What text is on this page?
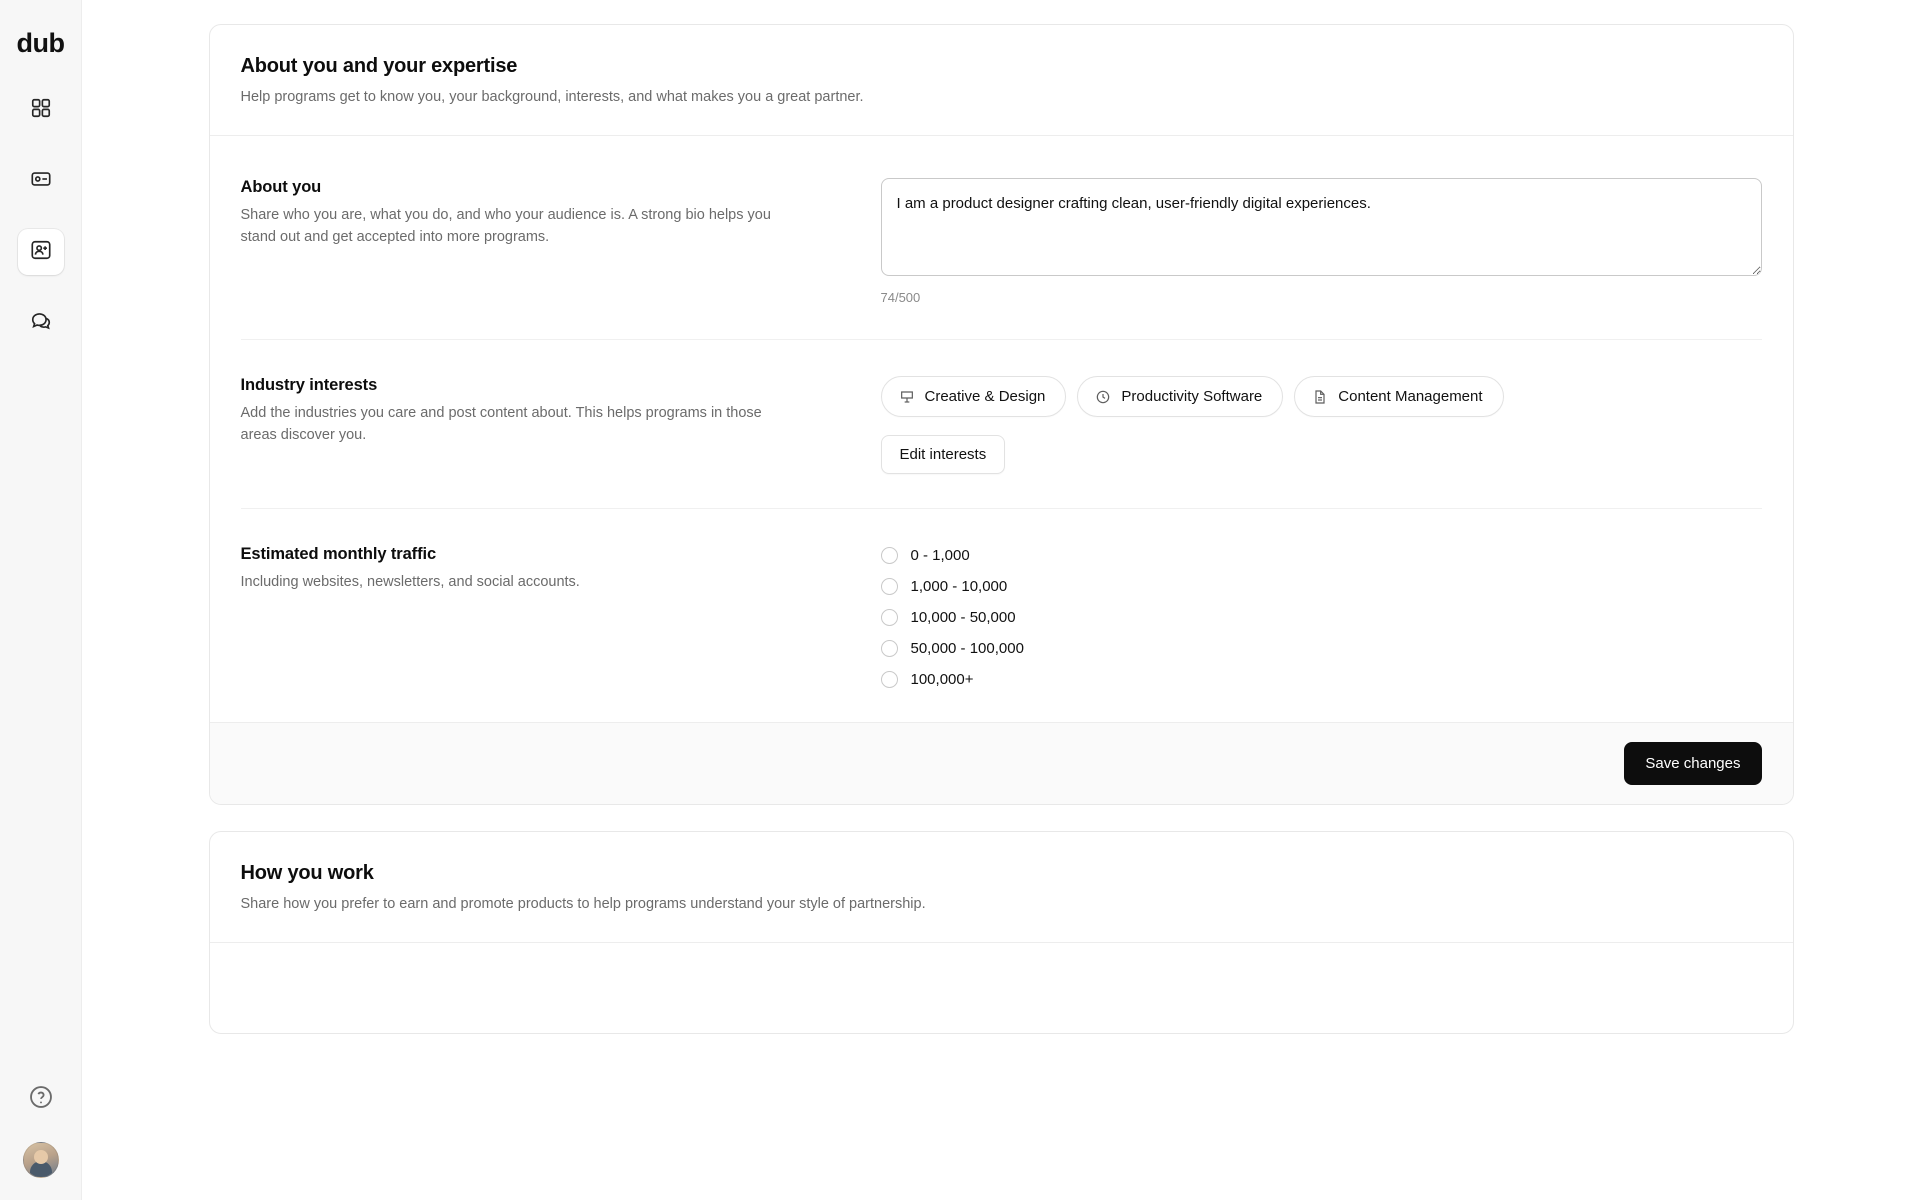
dub
About you and your expertise

Help programs get to know you, your background, interests, and what makes you a great partner.

About you

Share who you are, what you do, and who your audience is. A strong bio helps you stand out and get accepted into more programs.

I am a product designer crafting clean, user-friendly digital experiences.
74/500
Industry interests

Add the industries you care and post content about. This helps programs in those areas discover you.

Creative & Design	Productivity Software	Content Management
Edit interests
Estimated monthly traffic

Including websites, newsletters, and social accounts.

0 - 1,000
1,000 - 10,000
10,000 - 50,000
50,000 - 100,000
100,000+
Save changes
How you work

Share how you prefer to earn and promote products to help programs understand your style of partnership.
